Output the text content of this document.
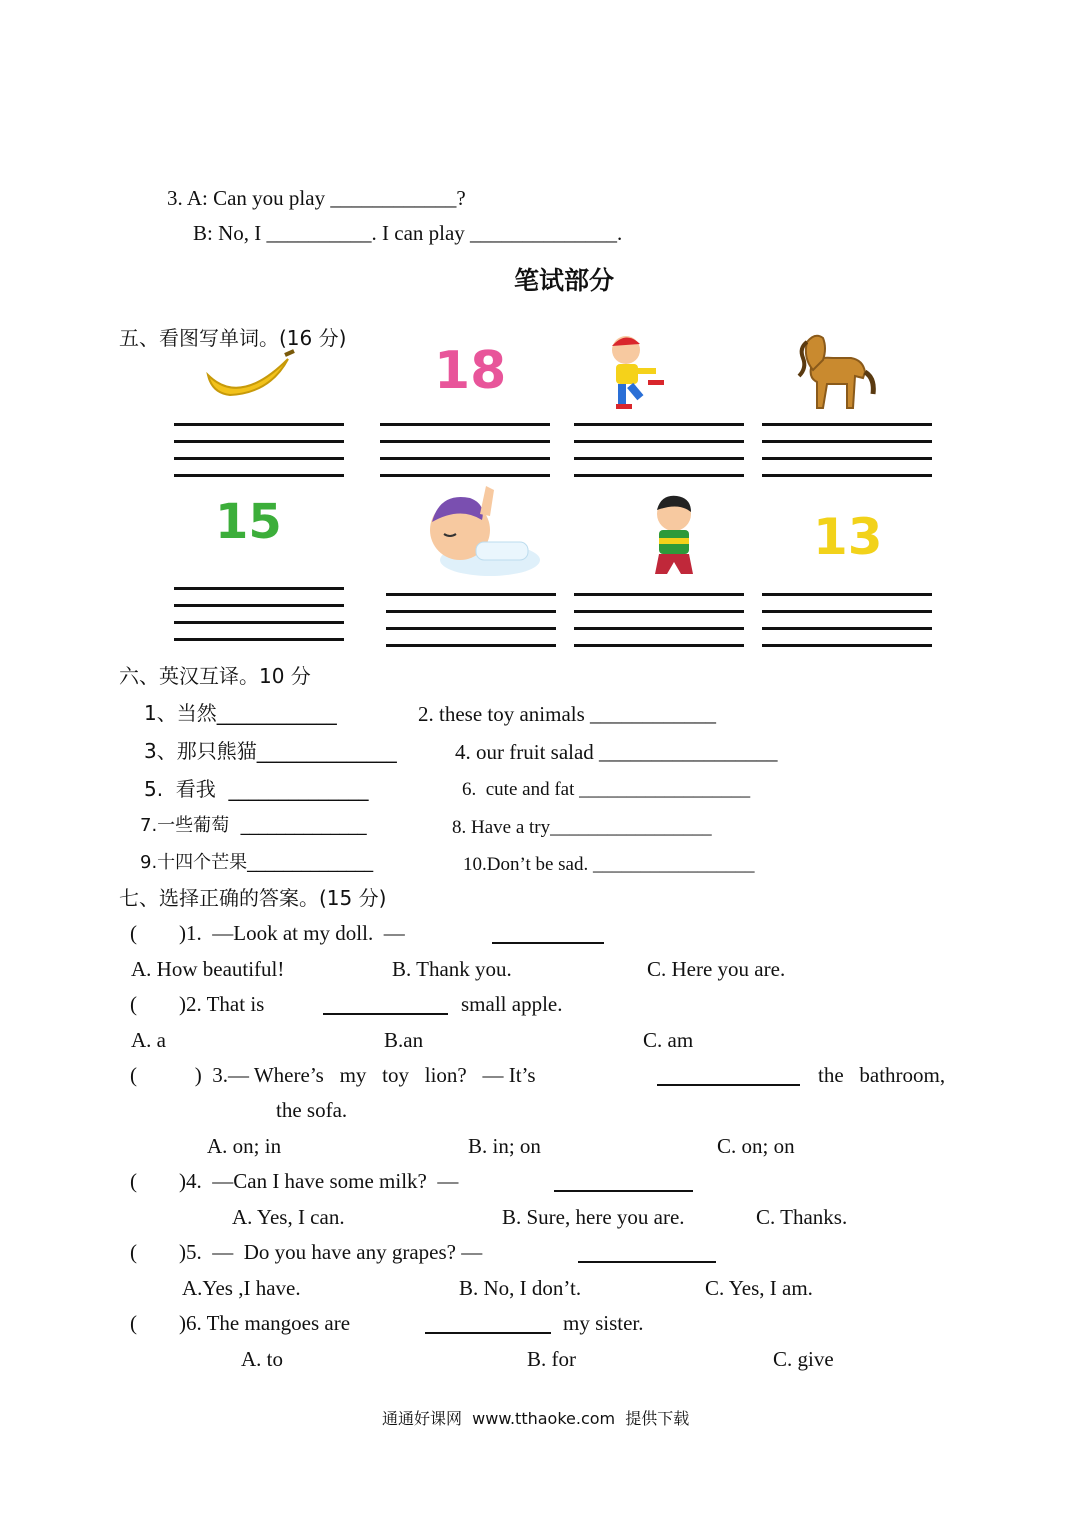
3. A: Can you play ____________?
B: No, I __________. I can play ______________.
笔试部分
五、看图写单词。(16 分)
18
15	13
六、英汉互译。10 分
1、当然____________	2. these toy animals ____________
3、那只熊猫______________	4. our fruit salad _________________
5.  看我  ______________	6.  cute and fat __________________
7.一些葡萄  ______________	8. Have a try_________________
9.十四个芒果______________	10.Don’t be sad. _________________
七、选择正确的答案。(15 分)
(        )1.  —Look at my doll.  —
A. How beautiful!	B. Thank you.	C. Here you are.
(        )2. That is	small apple.
A. a	B.an	C. am
(           )  3.— Where’s   my   toy   lion?   — It’s	the   bathroom,
the sofa.
A. on; in	B. in; on	C. on; on
(        )4.  —Can I have some milk?  —
A. Yes, I can.	B. Sure, here you are.	C. Thanks.
(        )5.  —  Do you have any grapes? —
A.Yes ,I have.	B. No, I don’t.	C. Yes, I am.
(        )6. The mangoes are	my sister.
A. to	B. for	C. give
通通好课网  www.tthaoke.com  提供下载
